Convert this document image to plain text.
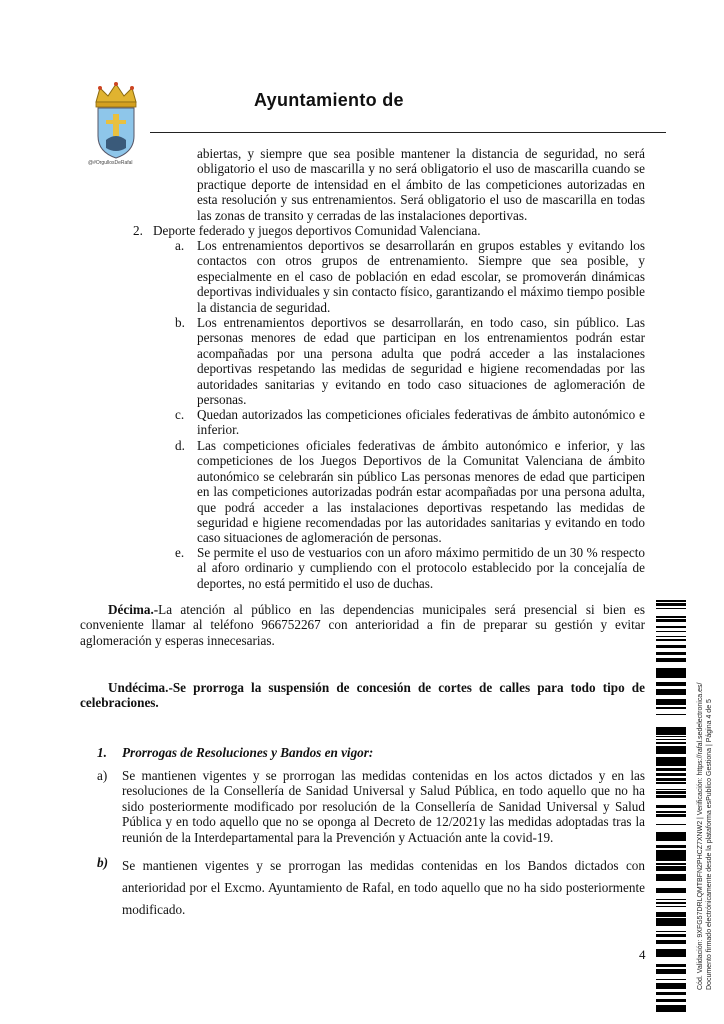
@#OrgullosDeRafal
Ayuntamiento de
abiertas, y siempre que sea posible mantener la distancia de seguridad, no será obligatorio el uso de mascarilla y no será obligatorio el uso de mascarilla cuando se practique deporte de intensidad en el ámbito de las competiciones autorizadas en esta resolución y sus entrenamientos. Será obligatorio el uso de mascarilla en todas las zonas de transito y cerradas de las instalaciones deportivas.
2. Deporte federado y juegos deportivos Comunidad Valenciana.
a. Los entrenamientos deportivos se desarrollarán en grupos estables y evitando los contactos con otros grupos de entrenamiento. Siempre que sea posible, y especialmente en el caso de población en edad escolar, se promoverán dinámicas deportivas individuales y sin contacto físico, garantizando el máximo tiempo posible la distancia de seguridad.
b. Los entrenamientos deportivos se desarrollarán, en todo caso, sin público. Las personas menores de edad que participan en los entrenamientos podrán estar acompañadas por una persona adulta que podrá acceder a las instalaciones deportivas respetando las medidas de seguridad e higiene recomendadas por las autoridades sanitarias y evitando en todo caso situaciones de aglomeración de personas.
c. Quedan autorizados las competiciones oficiales federativas de ámbito autonómico e inferior.
d. Las competiciones oficiales federativas de ámbito autonómico e inferior, y las competiciones de los Juegos Deportivos de la Comunitat Valenciana de ámbito autonómico se celebrarán sin público Las personas menores de edad que participen en las competiciones autorizadas podrán estar acompañadas por una persona adulta, que podrá acceder a las instalaciones deportivas respetando las medidas de seguridad e higiene recomendadas por las autoridades sanitarias y evitando en todo caso situaciones de aglomeración de personas.
e. Se permite el uso de vestuarios con un aforo máximo permitido de un 30 % respecto al aforo ordinario y cumpliendo con el protocolo establecido por la concejalía de deportes, no está permitido el uso de duchas.
Décima.-La atención al público en las dependencias municipales será presencial si bien es conveniente llamar al teléfono 966752267 con anterioridad a fin de preparar su gestión y evitar aglomeración y esperas innecesarias.
Undécima.-Se prorroga la suspensión de concesión de cortes de calles para todo tipo de celebraciones.
1. Prorrogas de Resoluciones y Bandos en vigor:
a) Se mantienen vigentes y se prorrogan las medidas contenidas en los actos dictados y en las resoluciones de la Consellería de Sanidad Universal y Salud Pública, en todo aquello que no ha sido posteriormente modificado por resolución de la Consellería de Sanidad Universal y Salud Pública y en todo aquello que no se oponga al Decreto de 12/2021y las medidas adoptadas tras la reunión de la Interdepartamental para la Prevención y Actuación ante la covid-19.
b) Se mantienen vigentes y se prorrogan las medidas contenidas en los Bandos dictados con anterioridad por el Excmo. Ayuntamiento de Rafal, en todo aquello que no ha sido posteriormente modificado.
4	Cód. Validación: 9XFG57DRLQMTBFN2PHCZ7XNW2 | Verificación: https://rafal.sedelectronica.es/ Documento firmado electrónicamente desde la plataforma esPublico Gestiona | Página 4 de 5
